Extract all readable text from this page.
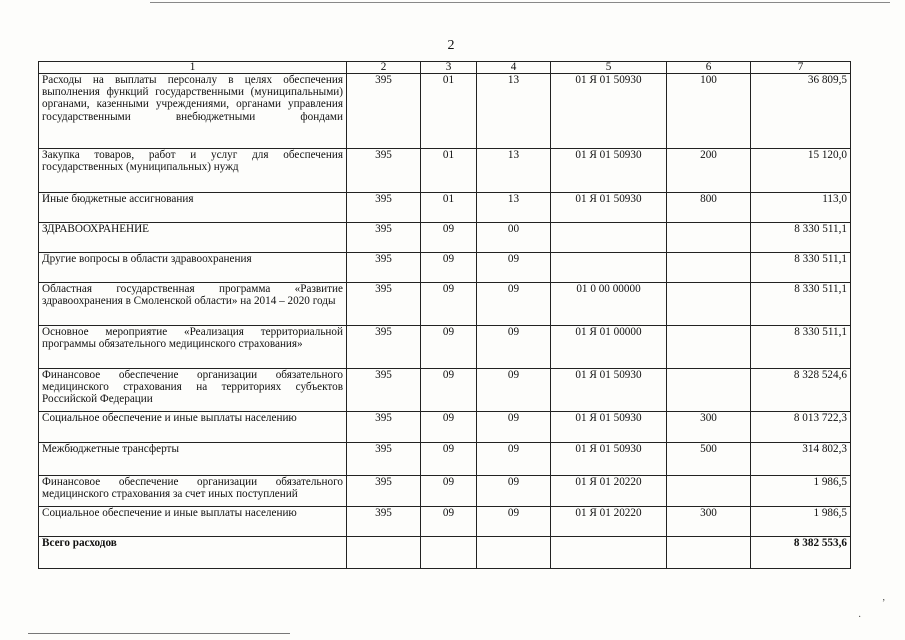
2
ʼ
·
1	2	3	4	5	6	7
Расходы на выплаты персоналу в целях обеспечения выполнения функций государственными (муниципальными) органами, казенными учреждениями, органами управления государственными внебюджетными фондами	395	01	13	01 Я 01 50930	100	36 809,5
Закупка товаров, работ и услуг для обеспечения государственных (муниципальных) нужд	395	01	13	01 Я 01 50930	200	15 120,0
Иные бюджетные ассигнования	395	01	13	01 Я 01 50930	800	113,0
ЗДРАВООХРАНЕНИЕ	395	09	00			8 330 511,1
Другие вопросы в области здравоохранения	395	09	09			8 330 511,1
Областная государственная программа «Развитие здравоохранения в Смоленской области» на 2014 – 2020 годы	395	09	09	01 0 00 00000		8 330 511,1
Основное мероприятие «Реализация территориальной программы обязательного медицинского страхования»	395	09	09	01 Я 01 00000		8 330 511,1
Финансовое обеспечение организации обязательного медицинского страхования на территориях субъектов Российской Федерации	395	09	09	01 Я 01 50930		8 328 524,6
Социальное обеспечение и иные выплаты населению	395	09	09	01 Я 01 50930	300	8 013 722,3
Межбюджетные трансферты	395	09	09	01 Я 01 50930	500	314 802,3
Финансовое обеспечение организации обязательного медицинского страхования за счет иных поступлений	395	09	09	01 Я 01 20220		1 986,5
Социальное обеспечение и иные выплаты населению	395	09	09	01 Я 01 20220	300	1 986,5
Всего расходов						8 382 553,6
